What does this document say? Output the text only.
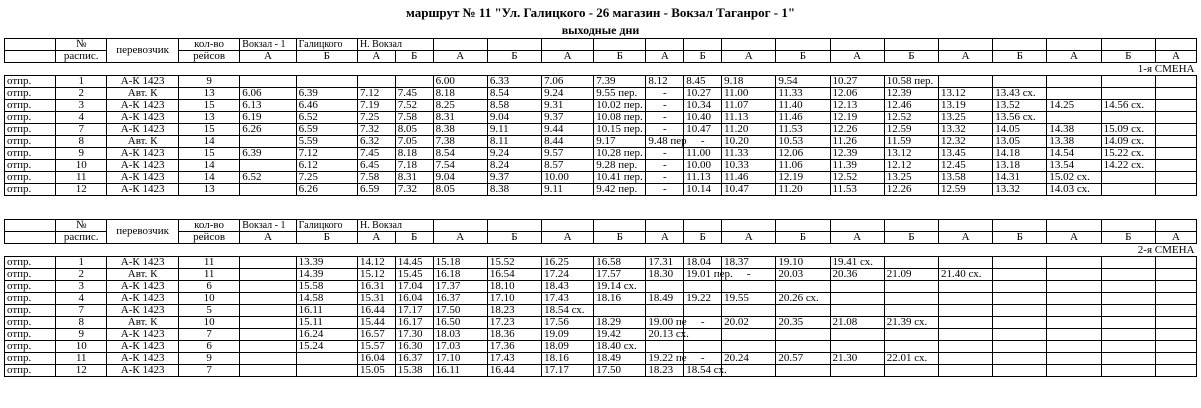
маршрут № 11 "Ул. Галицкого - 26 магазин - Вокзал Таганрог - 1"
выходные дни
	№	перевозчик	кол-во	Вокзал - 1	Галицкого	Н. Вокзал																
	распис.		рейсов	А	Б	А	Б	А	Б	А	Б	А	Б	А	Б	А	Б	А	Б	А	Б	А
1-я СМЕНА																						
отпр.	1	А-К 1423	9					6.00	6.33	7.06	7.39	8.12	8.45	9.18	9.54	10.27	10.58 пер.					
отпр.	2	Авт. К	13	6.06	6.39	7.12	7.45	8.18	8.54	9.24	9.55 пер.	-	10.27	11.00	11.33	12.06	12.39	13.12	13.43 сх.			
отпр.	3	А-К 1423	15	6.13	6.46	7.19	7.52	8.25	8.58	9.31	10.02 пер.	-	10.34	11.07	11.40	12.13	12.46	13.19	13.52	14.25	14.56 сх.	
отпр.	4	А-К 1423	13	6.19	6.52	7.25	7.58	8.31	9.04	9.37	10.08 пер.	-	10.40	11.13	11.46	12.19	12.52	13.25	13.56 сх.			
отпр.	7	А-К 1423	15	6.26	6.59	7.32	8.05	8.38	9.11	9.44	10.15 пер.	-	10.47	11.20	11.53	12.26	12.59	13.32	14.05	14.38	15.09 сх.	
отпр.	8	Авт. К	14		5.59	6.32	7.05	7.38	8.11	8.44	9.17	9.48 пер	-	10.20	10.53	11.26	11.59	12.32	13.05	13.38	14.09 сх.	
отпр.	9	А-К 1423	15	6.39	7.12	7.45	8.18	8.54	9.24	9.57	10.28 пер.	-	11.00	11.33	12.06	12.39	13.12	13.45	14.18	14.54	15.22 сх.	
отпр.	10	А-К 1423	14		6.12	6.45	7.18	7.54	8.24	8.57	9.28 пер.	-	10.00	10.33	11.06	11.39	12.12	12.45	13.18	13.54	14.22 сх.	
отпр.	11	А-К 1423	14	6.52	7.25	7.58	8.31	9.04	9.37	10.00	10.41 пер.	-	11.13	11.46	12.19	12.52	13.25	13.58	14.31	15.02 сх.		
отпр.	12	А-К 1423	13		6.26	6.59	7.32	8.05	8.38	9.11	9.42 пер.	-	10.14	10.47	11.20	11.53	12.26	12.59	13.32	14.03 сх.		
	№	перевозчик	кол-во	Вокзал - 1	Галицкого	Н. Вокзал																
	распис.		рейсов	А	Б	А	Б	А	Б	А	Б	А	Б	А	Б	А	Б	А	Б	А	Б	А
2-я СМЕНА																						
отпр.	1	А-К 1423	11		13.39	14.12	14.45	15.18	15.52	16.25	16.58	17.31	18.04	18.37	19.10	19.41 сх.						
отпр.	2	Авт. К	11		14.39	15.12	15.45	16.18	16.54	17.24	17.57	18.30	19.01 пер.	-	20.03	20.36	21.09	21.40 сх.				
отпр.	3	А-К 1423	6		15.58	16.31	17.04	17.37	18.10	18.43	19.14 сх.											
отпр.	4	А-К 1423	10		14.58	15.31	16.04	16.37	17.10	17.43	18.16	18.49	19.22	19.55	20.26 сх.							
отпр.	7	А-К 1423	5		16.11	16.44	17.17	17.50	18.23	18.54 сх.												
отпр.	8	Авт. К	10		15.11	15.44	16.17	16.50	17.23	17.56	18.29	19.00 пе	-	20.02	20.35	21.08	21.39 сх.					
отпр.	9	А-К 1423	7		16.24	16.57	17.30	18.03	18.36	19.09	19.42	20.13 сх.										
отпр.	10	А-К 1423	6		15.24	15.57	16.30	17.03	17.36	18.09	18.40 сх.											
отпр.	11	А-К 1423	9			16.04	16.37	17.10	17.43	18.16	18.49	19.22 пе	-	20.24	20.57	21.30	22.01 сх.					
отпр.	12	А-К 1423	7			15.05	15.38	16.11	16.44	17.17	17.50	18.23	18.54 сх.									
